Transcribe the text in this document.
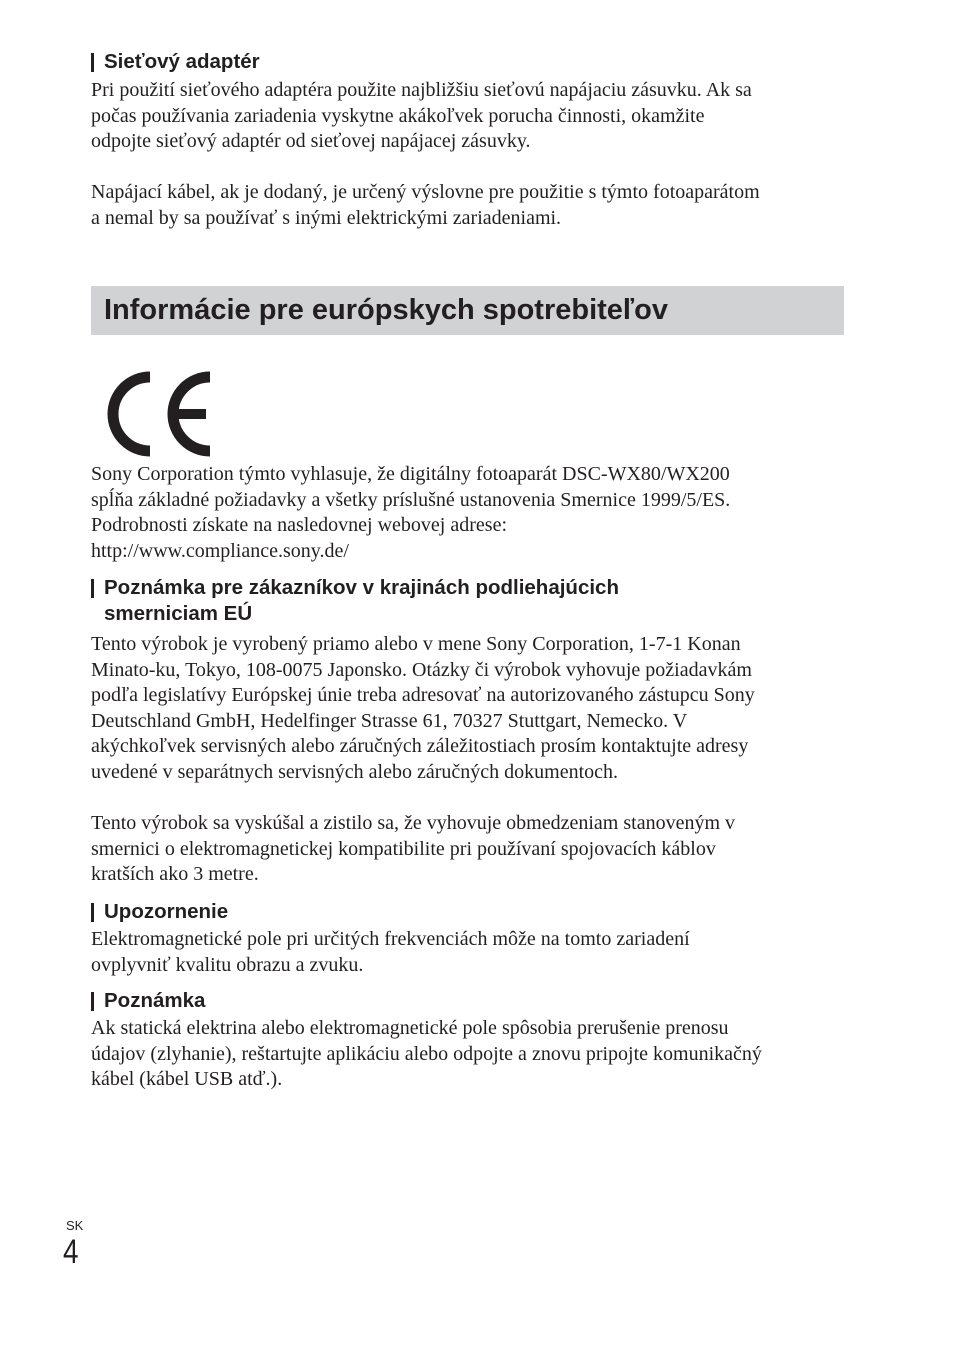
Sieťový adaptér

Pri použití sieťového adaptéra použite najbližšiu sieťovú napájaciu zásuvku. Ak sa
počas používania zariadenia vyskytne akákoľvek porucha činnosti, okamžite
odpojte sieťový adaptér od sieťovej napájacej zásuvky.

Napájací kábel, ak je dodaný, je určený výslovne pre použitie s týmto fotoaparátom
a nemal by sa používať s inými elektrickými zariadeniami.

Informácie pre európskych spotrebiteľov

Sony Corporation týmto vyhlasuje, že digitálny fotoaparát DSC-WX80/WX200
spĺňa základné požiadavky a všetky príslušné ustanovenia Smernice 1999/5/ES.
Podrobnosti získate na nasledovnej webovej adrese:
http://www.compliance.sony.de/

Poznámka pre zákazníkov v krajinách podliehajúcich
smerniciam EÚ

Tento výrobok je vyrobený priamo alebo v mene Sony Corporation, 1-7-1 Konan
Minato-ku, Tokyo, 108-0075 Japonsko. Otázky či výrobok vyhovuje požiadavkám
podľa legislatívy Európskej únie treba adresovať na autorizovaného zástupcu Sony
Deutschland GmbH, Hedelfinger Strasse 61, 70327 Stuttgart, Nemecko. V
akýchkoľvek servisných alebo záručných záležitostiach prosím kontaktujte adresy
uvedené v separátnych servisných alebo záručných dokumentoch.

Tento výrobok sa vyskúšal a zistilo sa, že vyhovuje obmedzeniam stanoveným v
smernici o elektromagnetickej kompatibilite pri používaní spojovacích káblov
kratších ako 3 metre.

Upozornenie

Elektromagnetické pole pri určitých frekvenciách môže na tomto zariadení
ovplyvniť kvalitu obrazu a zvuku.

Poznámka

Ak statická elektrina alebo elektromagnetické pole spôsobia prerušenie prenosu
údajov (zlyhanie), reštartujte aplikáciu alebo odpojte a znovu pripojte komunikačný
kábel (kábel USB atď.).

SK
4
